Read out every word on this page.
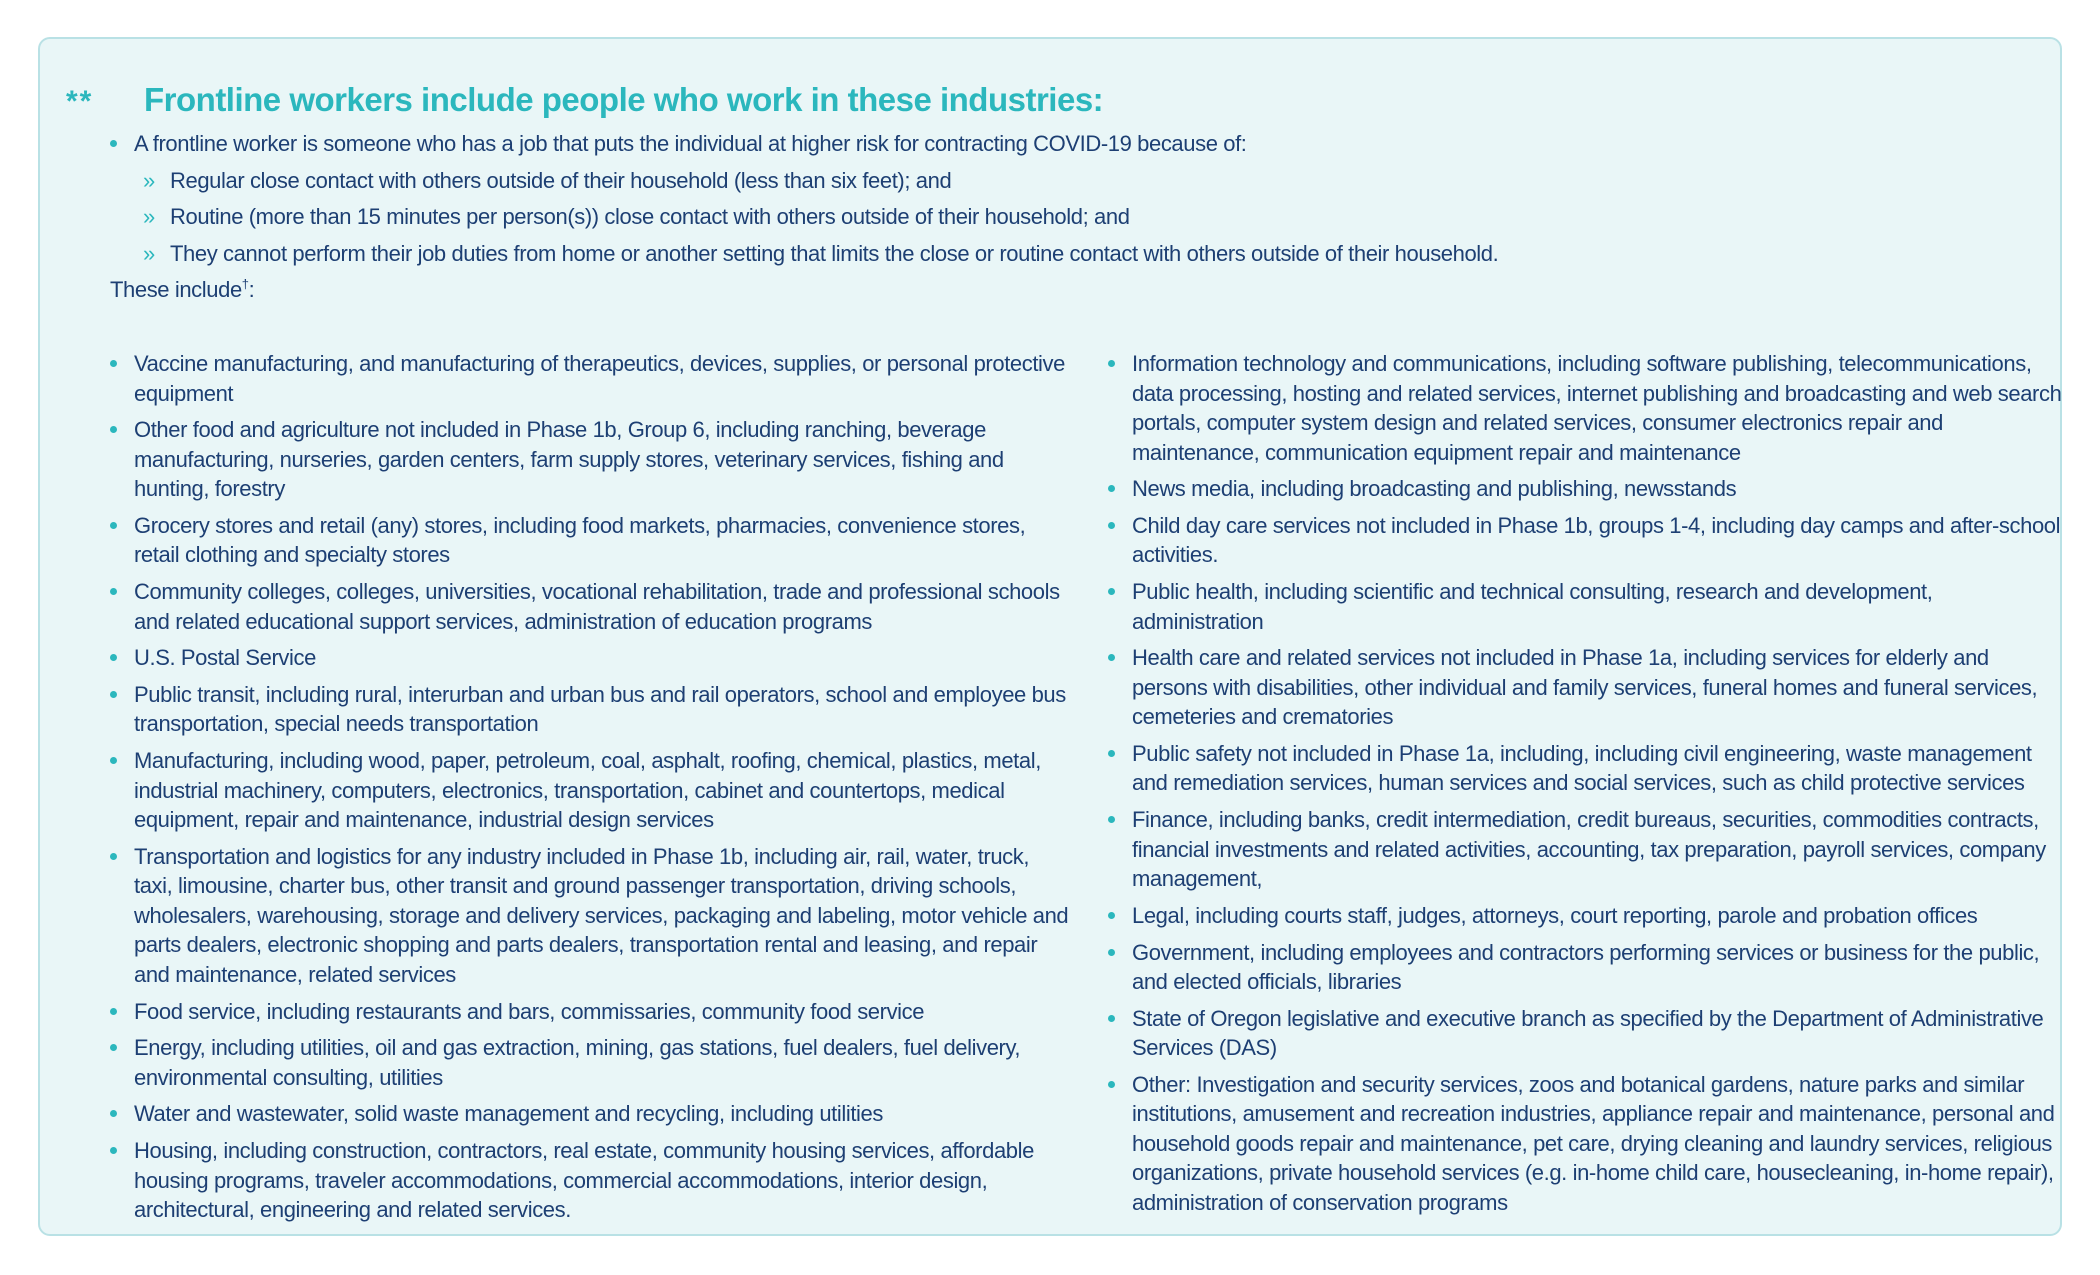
**	Frontline workers include people who work in these industries:
A frontline worker is someone who has a job that puts the individual at higher risk for contracting COVID-19 because of:
» Regular close contact with others outside of their household (less than six feet); and
» Routine (more than 15 minutes per person(s)) close contact with others outside of their household; and
» They cannot perform their job duties from home or another setting that limits the close or routine contact with others outside of their household.
These include†:
Vaccine manufacturing, and manufacturing of therapeutics, devices, supplies, or personal protective equipment
Other food and agriculture not included in Phase 1b, Group 6, including ranching, beverage manufacturing, nurseries, garden centers, farm supply stores, veterinary services, fishing and hunting, forestry
Grocery stores and retail (any) stores, including food markets, pharmacies, convenience stores, retail clothing and specialty stores
Community colleges, colleges, universities, vocational rehabilitation, trade and professional schools and related educational support services, administration of education programs
U.S. Postal Service
Public transit, including rural, interurban and urban bus and rail operators, school and employee bus transportation, special needs transportation
Manufacturing, including wood, paper, petroleum, coal, asphalt, roofing, chemical, plastics, metal, industrial machinery, computers, electronics, transportation, cabinet and countertops, medical equipment, repair and maintenance, industrial design services
Transportation and logistics for any industry included in Phase 1b, including air, rail, water, truck, taxi, limousine, charter bus, other transit and ground passenger transportation, driving schools, wholesalers, warehousing, storage and delivery services, packaging and labeling, motor vehicle and parts dealers, electronic shopping and parts dealers, transportation rental and leasing, and repair and maintenance, related services
Food service, including restaurants and bars, commissaries, community food service
Energy, including utilities, oil and gas extraction, mining, gas stations, fuel dealers, fuel delivery, environmental consulting, utilities
Water and wastewater, solid waste management and recycling, including utilities
Housing, including construction, contractors, real estate, community housing services, affordable housing programs, traveler accommodations, commercial accommodations, interior design, architectural, engineering and related services.
Information technology and communications, including software publishing, telecommunications, data processing, hosting and related services, internet publishing and broadcasting and web search portals, computer system design and related services, consumer electronics repair and maintenance, communication equipment repair and maintenance
News media, including broadcasting and publishing, newsstands
Child day care services not included in Phase 1b, groups 1-4, including day camps and after-school activities.
Public health, including scientific and technical consulting, research and development, administration
Health care and related services not included in Phase 1a, including services for elderly and persons with disabilities, other individual and family services, funeral homes and funeral services, cemeteries and crematories
Public safety not included in Phase 1a, including, including civil engineering, waste management and remediation services, human services and social services, such as child protective services
Finance, including banks, credit intermediation, credit bureaus, securities, commodities contracts, financial investments and related activities, accounting, tax preparation, payroll services, company management,
Legal, including courts staff, judges, attorneys, court reporting, parole and probation offices
Government, including employees and contractors performing services or business for the public, and elected officials, libraries
State of Oregon legislative and executive branch as specified by the Department of Administrative Services (DAS)
Other: Investigation and security services, zoos and botanical gardens, nature parks and similar institutions, amusement and recreation industries, appliance repair and maintenance, personal and household goods repair and maintenance, pet care, drying cleaning and laundry services, religious organizations, private household services (e.g. in-home child care, housecleaning, in-home repair), administration of conservation programs
